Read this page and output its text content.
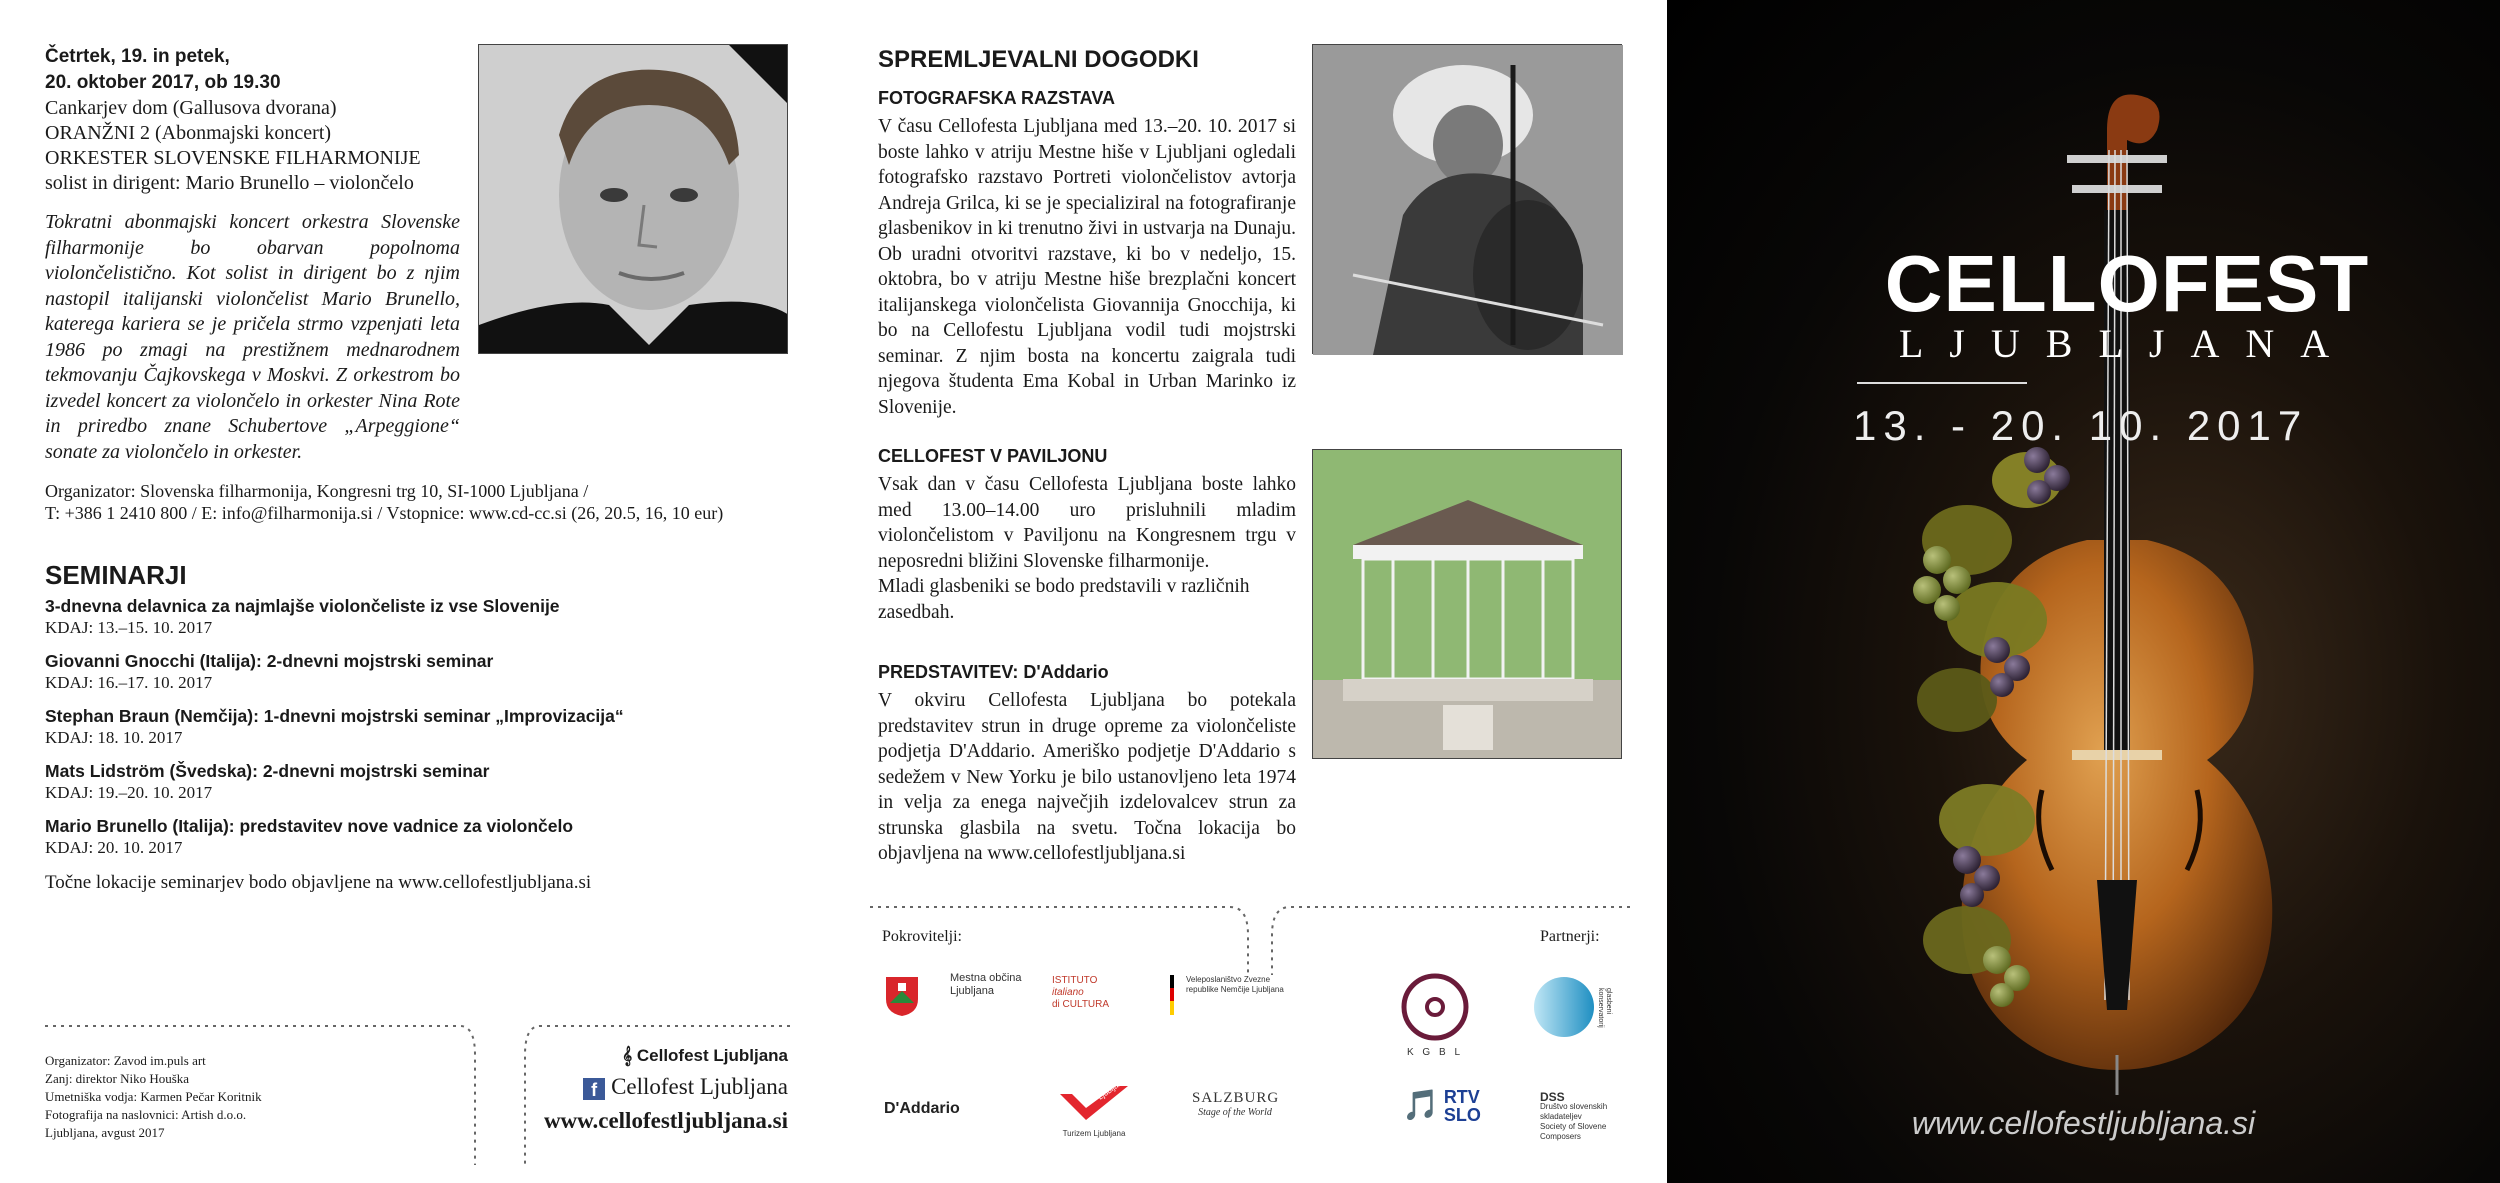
Četrtek, 19. in petek,
20. oktober 2017, ob 19.30
Cankarjev dom (Gallusova dvorana)
ORANŽNI 2 (Abonmajski koncert)
ORKESTER SLOVENSKE FILHARMONIJE
solist in dirigent: Mario Brunello – violončelo
Tokratni abonmajski koncert orkestra Slovenske filharmonije bo obarvan popolnoma violončelistično. Kot solist in dirigent bo z njim nastopil italijanski violončelist Mario Brunello, katerega kariera se je pričela strmo vzpenjati leta 1986 po zmagi na prestižnem mednarodnem tekmovanju Čajkovskega v Moskvi. Z orkestrom bo izvedel koncert za violončelo in orkester Nina Rote in priredbo znane Schubertove „Arpeggione“ sonate za violončelo in orkester.
Organizator: Slovenska filharmonija, Kongresni trg 10, SI-1000 Ljubljana /
T: +386 1 2410 800 / E: info@filharmonija.si / Vstopnice: www.cd-cc.si (26, 20.5, 16, 10 eur)
SEMINARJI
3-dnevna delavnica za najmlajše violončeliste iz vse Slovenije
KDAJ: 13.–15. 10. 2017
Giovanni Gnocchi (Italija): 2-dnevni mojstrski seminar
KDAJ: 16.–17. 10. 2017
Stephan Braun (Nemčija): 1-dnevni mojstrski seminar „Improvizacija“
KDAJ: 18. 10. 2017
Mats Lidström (Švedska): 2-dnevni mojstrski seminar
KDAJ: 19.–20. 10. 2017
Mario Brunello (Italija): predstavitev nove vadnice za violončelo
KDAJ: 20. 10. 2017
Točne lokacije seminarjev bodo objavljene na www.cellofestljubljana.si
Organizator: Zavod im.puls art
Zanj: direktor Niko Houška
Umetniška vodja: Karmen Pečar Koritnik
Fotografija na naslovnici: Artish d.o.o.
Ljubljana, avgust 2017
𝄞 Cellofest Ljubljana
f Cellofest Ljubljana
www.cellofestljubljana.si
SPREMLJEVALNI DOGODKI
FOTOGRAFSKA RAZSTAVA
V času Cellofesta Ljubljana med 13.–20. 10. 2017 si boste lahko v atriju Mestne hiše v Ljubljani ogledali fotografsko razstavo Portreti violončelistov avtorja Andreja Grilca, ki se je specializiral na fotografiranje glasbenikov in ki trenutno živi in ustvarja na Dunaju. Ob uradni otvoritvi razstave, ki bo v nedeljo, 15. oktobra, bo v atriju Mestne hiše brezplačni koncert italijanskega violončelista Giovannija Gnocchija, ki bo na Cellofestu Ljubljana vodil tudi mojstrski seminar. Z njim bosta na koncertu zaigrala tudi njegova študenta Ema Kobal in Urban Marinko iz Slovenije.
CELLOFEST V PAVILJONU
Vsak dan v času Cellofesta Ljubljana boste lahko med 13.00–14.00 uro prisluhnili mladim violončelistom v Paviljonu na Kongresnem trgu v neposredni bližini Slovenske filharmonije.
Mladi glasbeniki se bodo predstavili v različnih zasedbah.
PREDSTAVITEV: D'Addario
V okviru Cellofesta Ljubljana bo potekala predstavitev strun in druge opreme za violončeliste podjetja D'Addario. Ameriško podjetje D'Addario s sedežem v New Yorku je bilo ustanovljeno leta 1974 in velja za enega največjih izdelovalcev strun za strunska glasbila na svetu. Točna lokacija bo objavljena na www.cellofestljubljana.si
Pokrovitelji:	Partnerji:
Mestna občina Ljubljana
ISTITUTO
italiano
di CULTURA
Veleposlaništvo Zvezne republike Nemčije Ljubljana
D'Addario
Ljubljana
Turizem Ljubljana
SALZBURG
Stage of the World
K G B L
glasbeni konservatorij
🎵 RTV
SLO
DSS
Društvo slovenskih skladateljev
Society of Slovene Composers
CELLOFEST
LJUBLJANA
13. - 20. 10. 2017
www.cellofestljubljana.si
